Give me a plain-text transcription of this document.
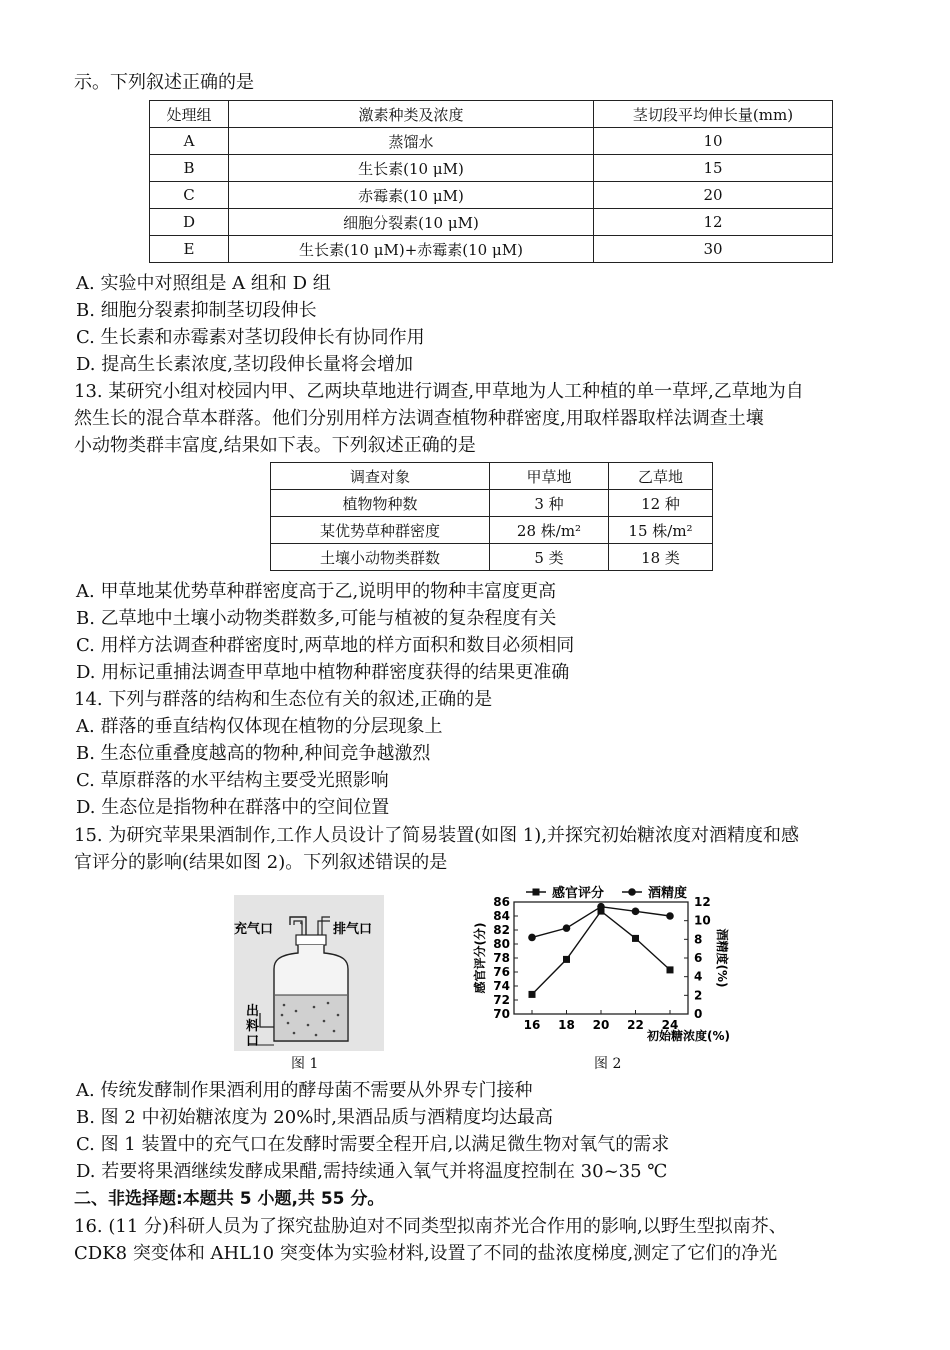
示。下列叙述正确的是
处理组	激素种类及浓度	茎切段平均伸长量(mm)
A	蒸馏水	10
B	生长素(10 μM)	15
C	赤霉素(10 μM)	20
D	细胞分裂素(10 μM)	12
E	生长素(10 μM)+赤霉素(10 μM)	30
A. 实验中对照组是 A 组和 D 组
B. 细胞分裂素抑制茎切段伸长
C. 生长素和赤霉素对茎切段伸长有协同作用
D. 提高生长素浓度,茎切段伸长量将会增加
13. 某研究小组对校园内甲、乙两块草地进行调查,甲草地为人工种植的单一草坪,乙草地为自
然生长的混合草本群落。他们分别用样方法调查植物种群密度,用取样器取样法调查土壤
小动物类群丰富度,结果如下表。下列叙述正确的是
调查对象	甲草地	乙草地
植物物种数	3 种	12 种
某优势草种群密度	28 株/m²	15 株/m²
土壤小动物类群数	5 类	18 类
A. 甲草地某优势草种群密度高于乙,说明甲的物种丰富度更高
B. 乙草地中土壤小动物类群数多,可能与植被的复杂程度有关
C. 用样方法调查种群密度时,两草地的样方面积和数目必须相同
D. 用标记重捕法调查甲草地中植物种群密度获得的结果更准确
14. 下列与群落的结构和生态位有关的叙述,正确的是
A. 群落的垂直结构仅体现在植物的分层现象上
B. 生态位重叠度越高的物种,种间竞争越激烈
C. 草原群落的水平结构主要受光照影响
D. 生态位是指物种在群落中的空间位置
15. 为研究苹果果酒制作,工作人员设计了简易装置(如图 1),并探究初始糖浓度对酒精度和感
官评分的影响(结果如图 2)。下列叙述错误的是
充气口	排气口
出 料 口
图 1
70
72
74
76
78
80
82
84
86
0
2
4
6
8
10
12
16 18 20 22 24
初始糖浓度(%)
感官评分(分)	酒精度(%)
感官评分	酒精度
图 2
A. 传统发酵制作果酒利用的酵母菌不需要从外界专门接种
B. 图 2 中初始糖浓度为 20%时,果酒品质与酒精度均达最高
C. 图 1 装置中的充气口在发酵时需要全程开启,以满足微生物对氧气的需求
D. 若要将果酒继续发酵成果醋,需持续通入氧气并将温度控制在 30~35 ℃
二、非选择题:本题共 5 小题,共 55 分。
16. (11 分)科研人员为了探究盐胁迫对不同类型拟南芥光合作用的影响,以野生型拟南芥、
CDK8 突变体和 AHL10 突变体为实验材料,设置了不同的盐浓度梯度,测定了它们的净光
